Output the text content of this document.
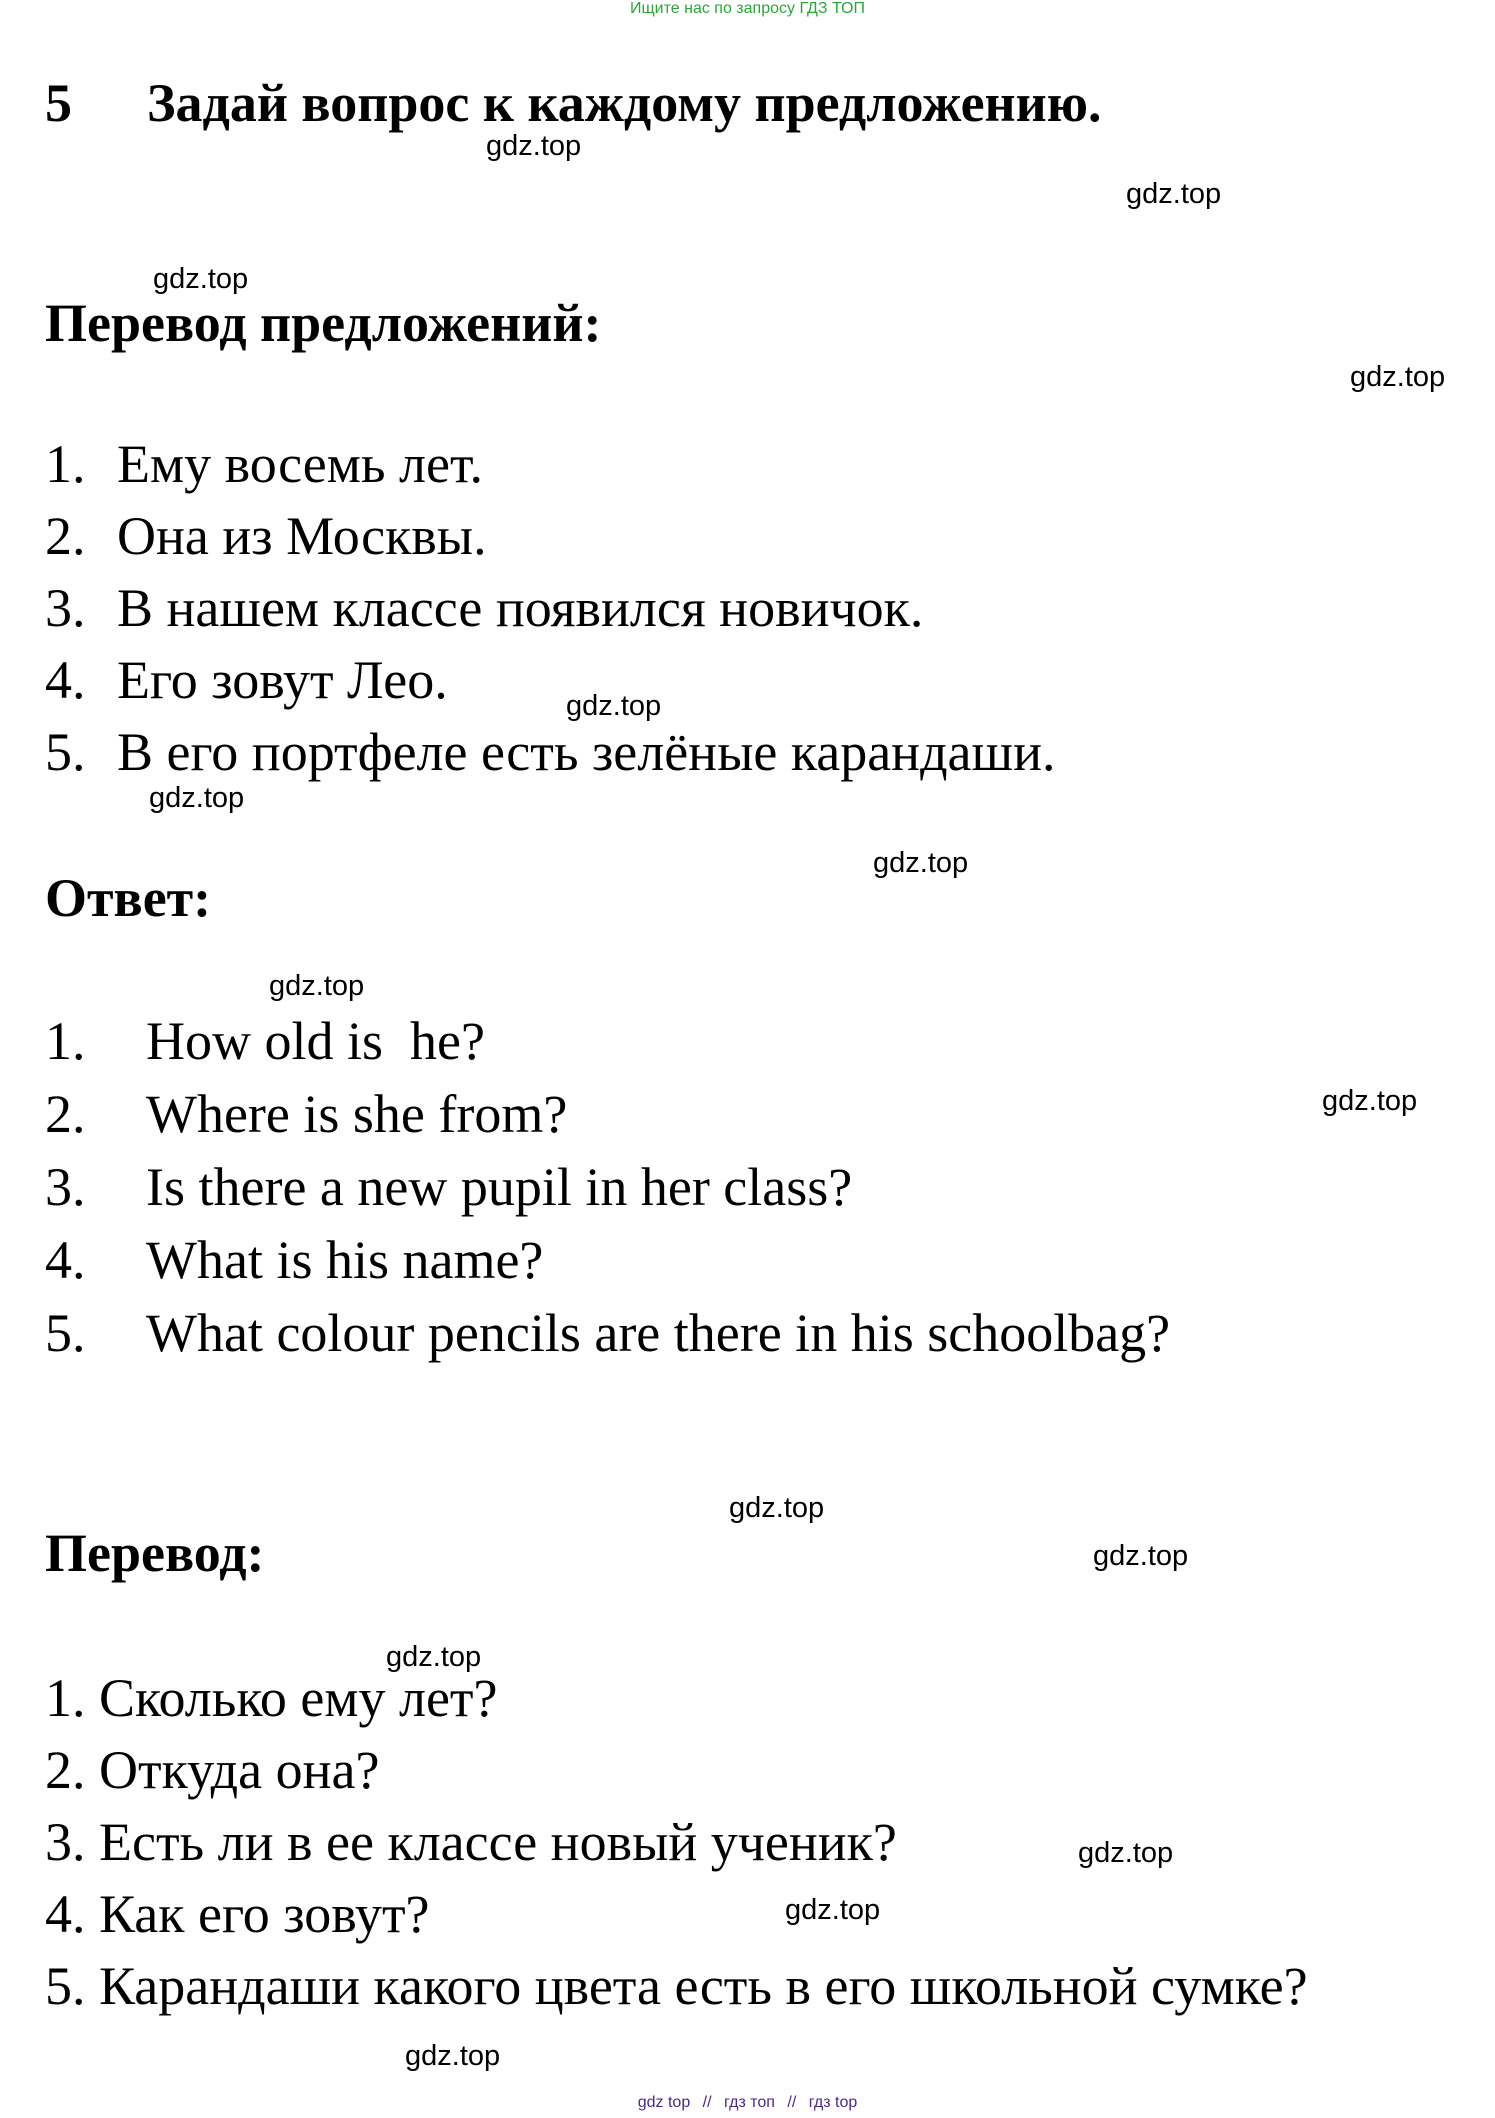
Ищите нас по запросу ГДЗ ТОП
5 Задай вопрос к каждому предложению.
Перевод предложений:
1. Ему восемь лет.
2. Она из Москвы.
3. В нашем классе появился новичок.
4. Его зовут Лео.
5. В его портфеле есть зелёные карандаши.
Ответ:
1. How old is  he?
2. Where is she from?
3. Is there a new pupil in her class?
4. What is his name?
5. What colour pencils are there in his schoolbag?
Перевод:
1. Сколько ему лет?
2. Откуда она?
3. Есть ли в ее классе новый ученик?
4. Как его зовут?
5. Карандаши какого цвета есть в его школьной сумке?
gdz.top
gdz.top
gdz.top
gdz.top
gdz.top
gdz.top
gdz.top
gdz.top
gdz.top
gdz.top
gdz.top
gdz.top
gdz.top
gdz.top
gdz.top
gdz top // гдз топ // гдз top
